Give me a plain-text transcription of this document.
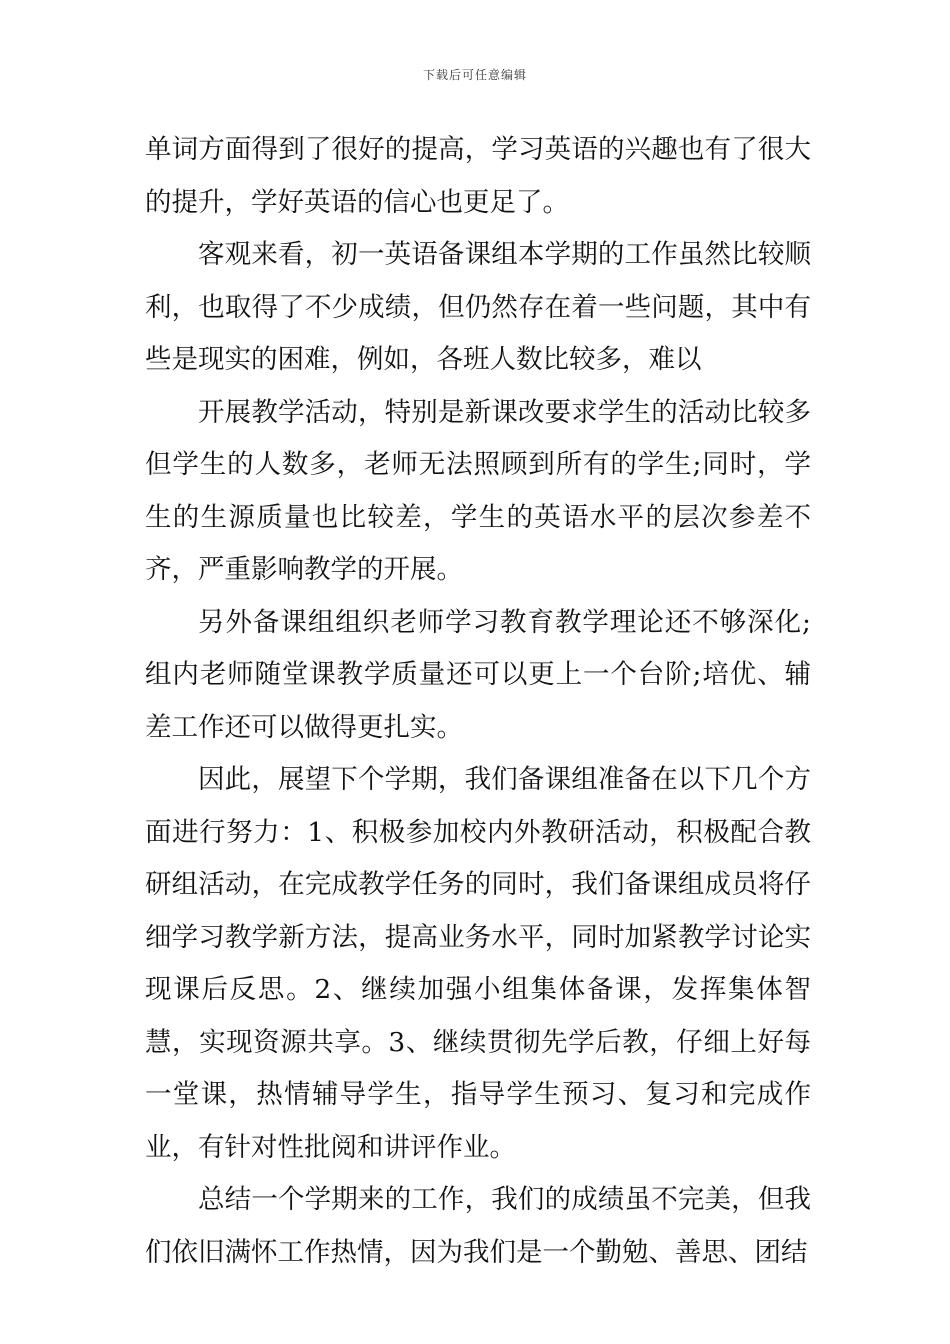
下载后可任意编辑

单词方面得到了很好的提高，学习英语的兴趣也有了很大的提升，学好英语的信心也更足了。

客观来看，初一英语备课组本学期的工作虽然比较顺利，也取得了不少成绩，但仍然存在着一些问题，其中有些是现实的困难，例如，各班人数比较多，难以

开展教学活动，特别是新课改要求学生的活动比较多但学生的人数多，老师无法照顾到所有的学生;同时，学生的生源质量也比较差，学生的英语水平的层次参差不齐，严重影响教学的开展。

另外备课组组织老师学习教育教学理论还不够深化;组内老师随堂课教学质量还可以更上一个台阶;培优、辅差工作还可以做得更扎实。

因此，展望下个学期，我们备课组准备在以下几个方面进行努力：1、积极参加校内外教研活动，积极配合教研组活动，在完成教学任务的同时，我们备课组成员将仔细学习教学新方法，提高业务水平，同时加紧教学讨论实现课后反思。2、继续加强小组集体备课，发挥集体智慧，实现资源共享。3、继续贯彻先学后教，仔细上好每一堂课，热情辅导学生，指导学生预习、复习和完成作业，有针对性批阅和讲评作业。

总结一个学期来的工作，我们的成绩虽不完美，但我们依旧满怀工作热情，因为我们是一个勤勉、善思、团结
